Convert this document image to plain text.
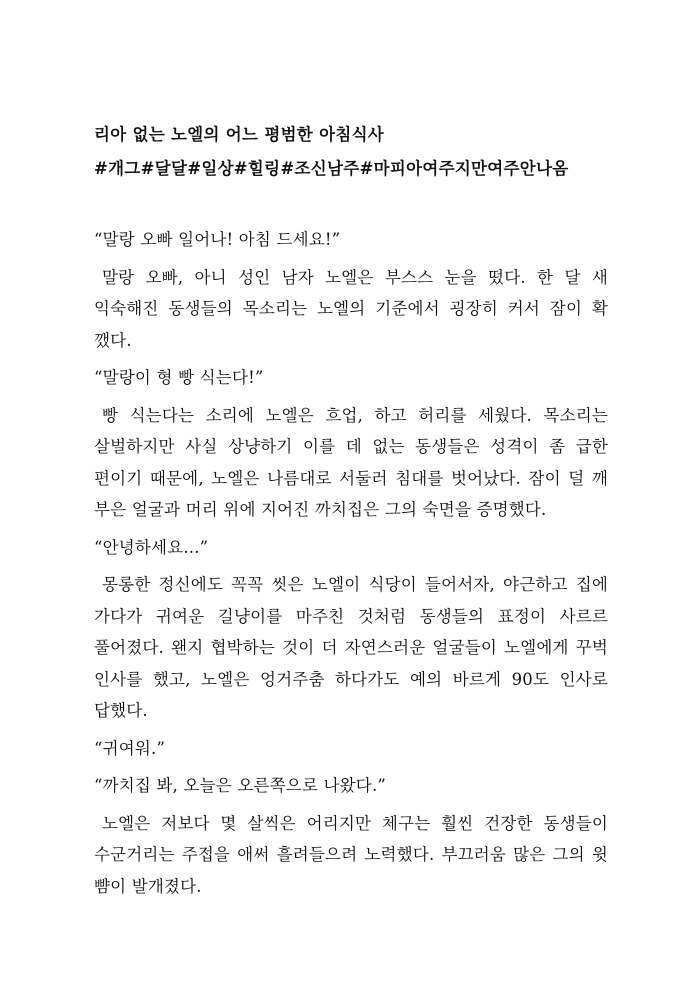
리아 없는 노엘의 어느 평범한 아침식사
#개그#달달#일상#힐링#조신남주#마피아여주지만여주안나옴

“말랑 오빠 일어나! 아침 드세요!”

말랑 오빠, 아니 성인 남자 노엘은 부스스 눈을 떴다. 한 달 새 익숙해진 동생들의 목소리는 노엘의 기준에서 굉장히 커서 잠이 확 깼다.

“말랑이 형 빵 식는다!”

빵 식는다는 소리에 노엘은 흐업, 하고 허리를 세웠다. 목소리는 살벌하지만 사실 상냥하기 이를 데 없는 동생들은 성격이 좀 급한 편이기 때문에, 노엘은 나름대로 서둘러 침대를 벗어났다. 잠이 덜 깨 부은 얼굴과 머리 위에 지어진 까치집은 그의 숙면을 증명했다.

“안녕하세요...”

몽롱한 정신에도 꼭꼭 씻은 노엘이 식당이 들어서자, 야근하고 집에 가다가 귀여운 길냥이를 마주친 것처럼 동생들의 표정이 사르르 풀어졌다. 왠지 협박하는 것이 더 자연스러운 얼굴들이 노엘에게 꾸벅 인사를 했고, 노엘은 엉거주춤 하다가도 예의 바르게 90도 인사로 답했다.

“귀여워.”

“까치집 봐, 오늘은 오른쪽으로 나왔다.”

노엘은 저보다 몇 살씩은 어리지만 체구는 훨씬 건장한 동생들이 수군거리는 주접을 애써 흘려들으려 노력했다. 부끄러움 많은 그의 윗 뺨이 발개졌다.
